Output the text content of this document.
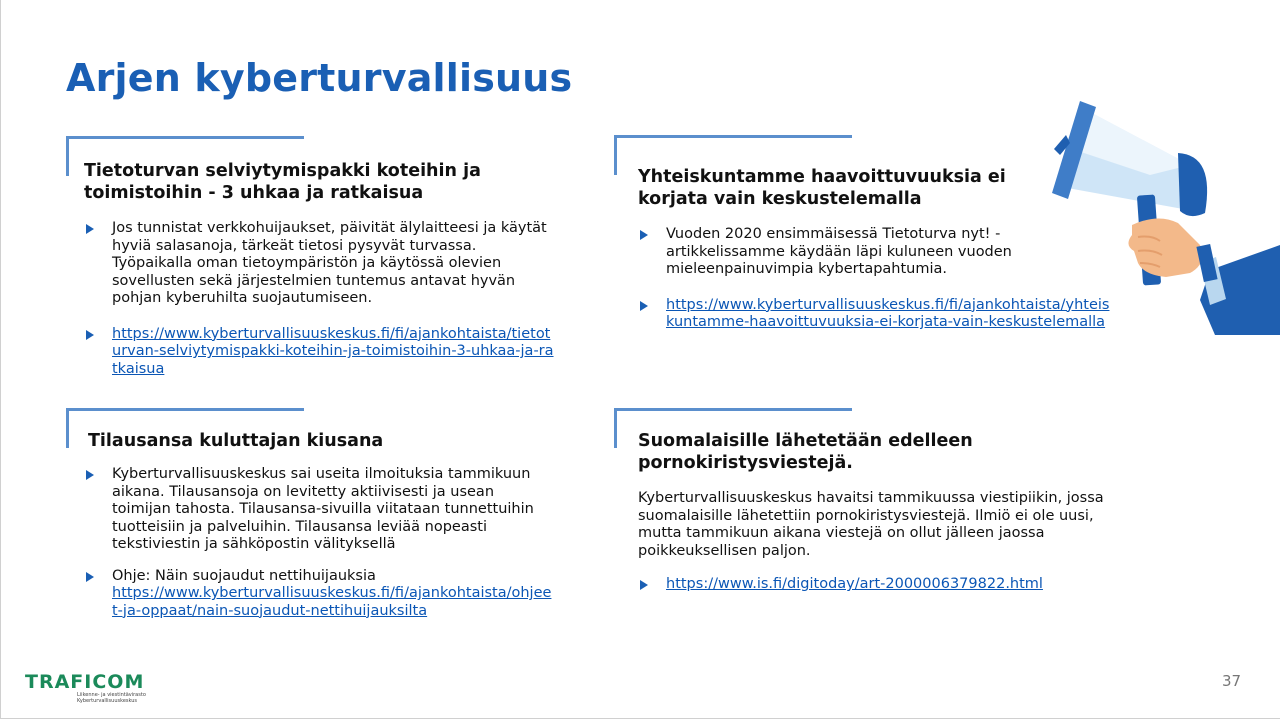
Arjen kyberturvallisuus
Tietoturvan selviytymispakki koteihin ja toimistoihin - 3 uhkaa ja ratkaisua
Jos tunnistat verkkohuijaukset, päivität älylaitteesi ja käytät hyviä salasanoja, tärkeät tietosi pysyvät turvassa. Työpaikalla oman tietoympäristön ja käytössä olevien sovellusten sekä järjestelmien tuntemus antavat hyvän pohjan kyberuhilta suojautumiseen.
https://www.kyberturvallisuuskeskus.fi/fi/ajankohtaista/tietoturvan-selviytymispakki-koteihin-ja-toimistoihin-3-uhkaa-ja-ratkaisua
Yhteiskuntamme haavoittuvuuksia ei korjata vain keskustelemalla
Vuoden 2020 ensimmäisessä Tietoturva nyt! -artikkelissamme käydään läpi kuluneen vuoden mieleenpainuvimpia kybertapahtumia.
https://www.kyberturvallisuuskeskus.fi/fi/ajankohtaista/yhteiskuntamme-haavoittuvuuksia-ei-korjata-vain-keskustelemalla
Tilausansa kuluttajan kiusana
Kyberturvallisuuskeskus sai useita ilmoituksia tammikuun aikana. Tilausansoja on levitetty aktiivisesti ja usean toimijan tahosta. Tilausansa-sivuilla viitataan tunnettuihin tuotteisiin ja palveluihin. Tilausansa leviää nopeasti tekstiviestin ja sähköpostin välityksellä
Ohje: Näin suojaudut nettihuijauksia
https://www.kyberturvallisuuskeskus.fi/fi/ajankohtaista/ohjeet-ja-oppaat/nain-suojaudut-nettihuijauksilta
Suomalaisille lähetetään edelleen pornokiristysviestejä.
Kyberturvallisuuskeskus havaitsi tammikuussa viestipiikin, jossa suomalaisille lähetettiin pornokiristysviestejä. Ilmiö ei ole uusi, mutta tammikuun aikana viestejä on ollut jälleen jaossa poikkeuksellisen paljon.
https://www.is.fi/digitoday/art-2000006379822.html
TRAFICOM
Liikenne- ja viestintävirasto Kyberturvallisuuskeskus
37
